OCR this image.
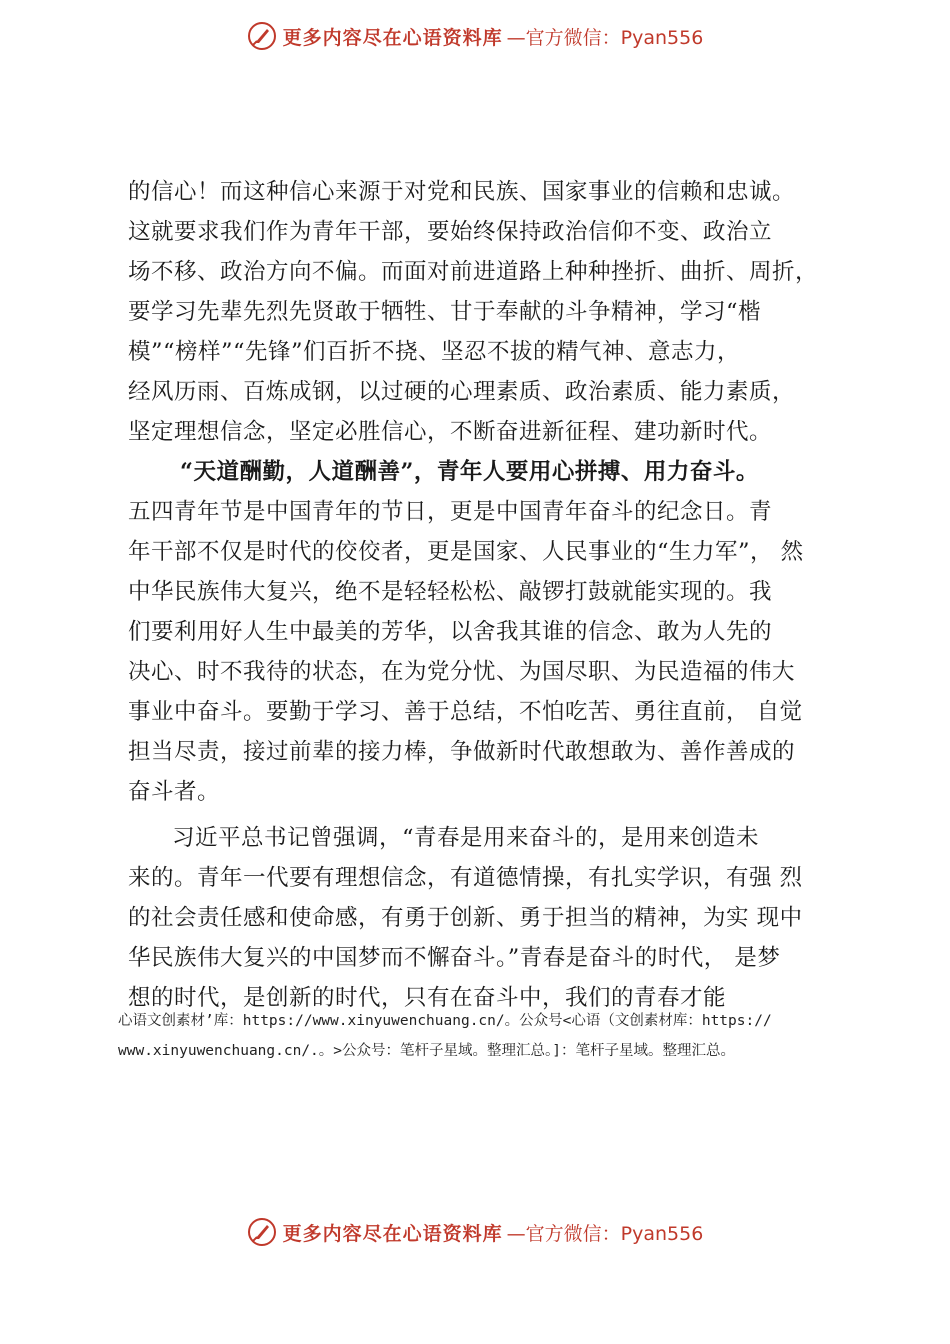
更多内容尽在心语资料库 —官方微信：Pyan556
的信心！而这种信心来源于对党和民族、国家事业的信赖和忠诚。
这就要求我们作为青年干部，要始终保持政治信仰不变、政治立
场不移、政治方向不偏。而面对前进道路上种种挫折、曲折、周折，
要学习先辈先烈先贤敢于牺牲、甘于奉献的斗争精神，学习“楷
模”“榜样”“先锋”们百折不挠、坚忍不拔的精气神、意志力，
经风历雨、百炼成钢，以过硬的心理素质、政治素质、能力素质，
坚定理想信念，坚定必胜信心，不断奋进新征程、建功新时代。
“天道酬勤，人道酬善”，青年人要用心拼搏、用力奋斗。
五四青年节是中国青年的节日，更是中国青年奋斗的纪念日。青
年干部不仅是时代的佼佼者，更是国家、人民事业的“生力军”， 然
中华民族伟大复兴，绝不是轻轻松松、敲锣打鼓就能实现的。我
们要利用好人生中最美的芳华，以舍我其谁的信念、敢为人先的
决心、时不我待的状态，在为党分忧、为国尽职、为民造福的伟大
事业中奋斗。要勤于学习、善于总结，不怕吃苦、勇往直前， 自觉
担当尽责，接过前辈的接力棒，争做新时代敢想敢为、善作善成的
奋斗者。
习近平总书记曾强调，“青春是用来奋斗的，是用来创造未
来的。青年一代要有理想信念，有道德情操，有扎实学识，有强 烈
的社会责任感和使命感，有勇于创新、勇于担当的精神，为实 现中
华民族伟大复兴的中国梦而不懈奋斗。”青春是奋斗的时代， 是梦
想的时代，是创新的时代，只有在奋斗中，我们的青春才能
心语文创素材’库：https://www.xinyuwenchuang.cn/。公众号<心语（文创素材库：https://
www.xinyuwenchuang.cn/.。>公众号：笔杆子星域。整理汇总。]：笔杆子星域。整理汇总。
更多内容尽在心语资料库 —官方微信：Pyan556
